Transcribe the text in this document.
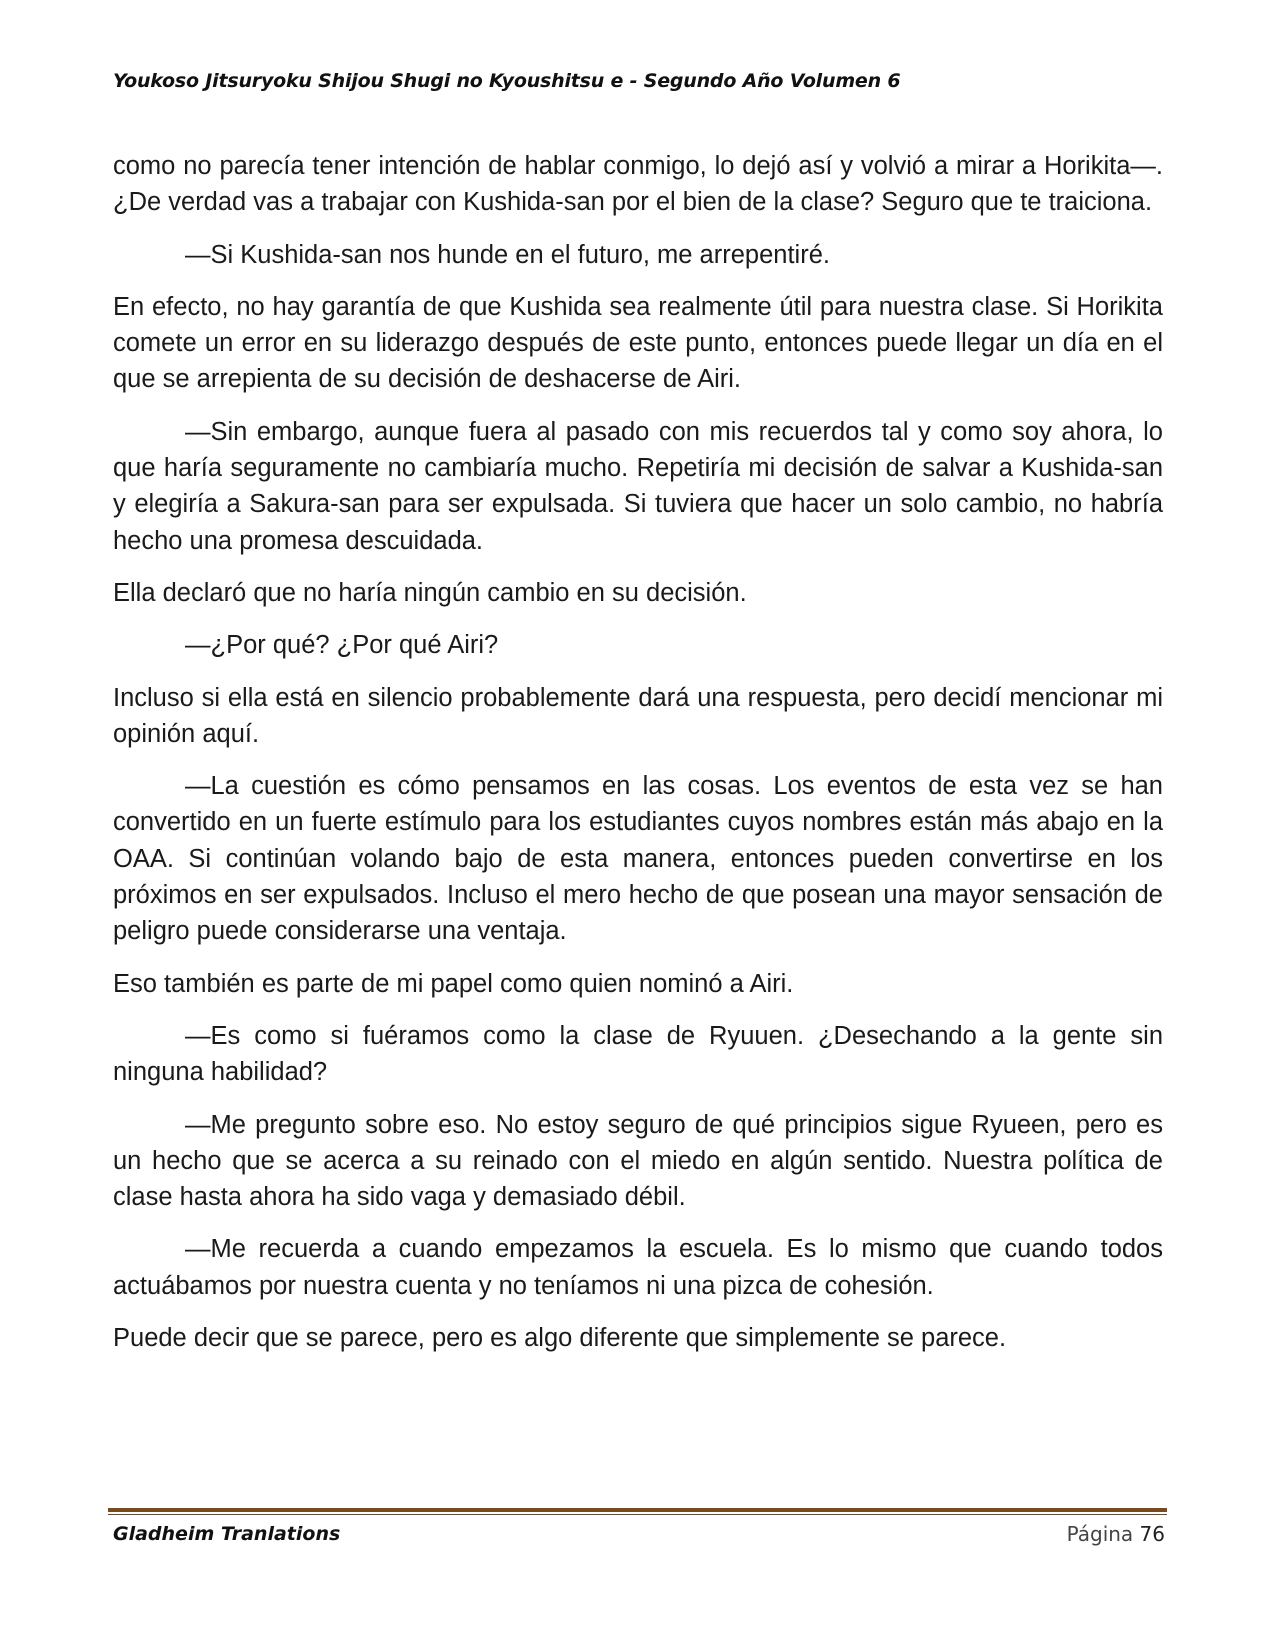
Youkoso Jitsuryoku Shijou Shugi no Kyoushitsu e - Segundo Año Volumen 6

como no parecía tener intención de hablar conmigo, lo dejó así y volvió a mirar a Horikita—. ¿De verdad vas a trabajar con Kushida-san por el bien de la clase? Seguro que te traiciona.

—Si Kushida-san nos hunde en el futuro, me arrepentiré.

En efecto, no hay garantía de que Kushida sea realmente útil para nuestra clase. Si Horikita comete un error en su liderazgo después de este punto, entonces puede llegar un día en el que se arrepienta de su decisión de deshacerse de Airi.

—Sin embargo, aunque fuera al pasado con mis recuerdos tal y como soy ahora, lo que haría seguramente no cambiaría mucho. Repetiría mi decisión de salvar a Kushida-san y elegiría a Sakura-san para ser expulsada. Si tuviera que hacer un solo cambio, no habría hecho una promesa descuidada.

Ella declaró que no haría ningún cambio en su decisión.

—¿Por qué? ¿Por qué Airi?

Incluso si ella está en silencio probablemente dará una respuesta, pero decidí mencionar mi opinión aquí.

—La cuestión es cómo pensamos en las cosas. Los eventos de esta vez se han convertido en un fuerte estímulo para los estudiantes cuyos nombres están más abajo en la OAA. Si continúan volando bajo de esta manera, entonces pueden convertirse en los próximos en ser expulsados. Incluso el mero hecho de que posean una mayor sensación de peligro puede considerarse una ventaja.

Eso también es parte de mi papel como quien nominó a Airi.

—Es como si fuéramos como la clase de Ryuuen. ¿Desechando a la gente sin ninguna habilidad?

—Me pregunto sobre eso. No estoy seguro de qué principios sigue Ryueen, pero es un hecho que se acerca a su reinado con el miedo en algún sentido. Nuestra política de clase hasta ahora ha sido vaga y demasiado débil.

—Me recuerda a cuando empezamos la escuela. Es lo mismo que cuando todos actuábamos por nuestra cuenta y no teníamos ni una pizca de cohesión.

Puede decir que se parece, pero es algo diferente que simplemente se parece.

Gladheim Tranlations	Página 76
